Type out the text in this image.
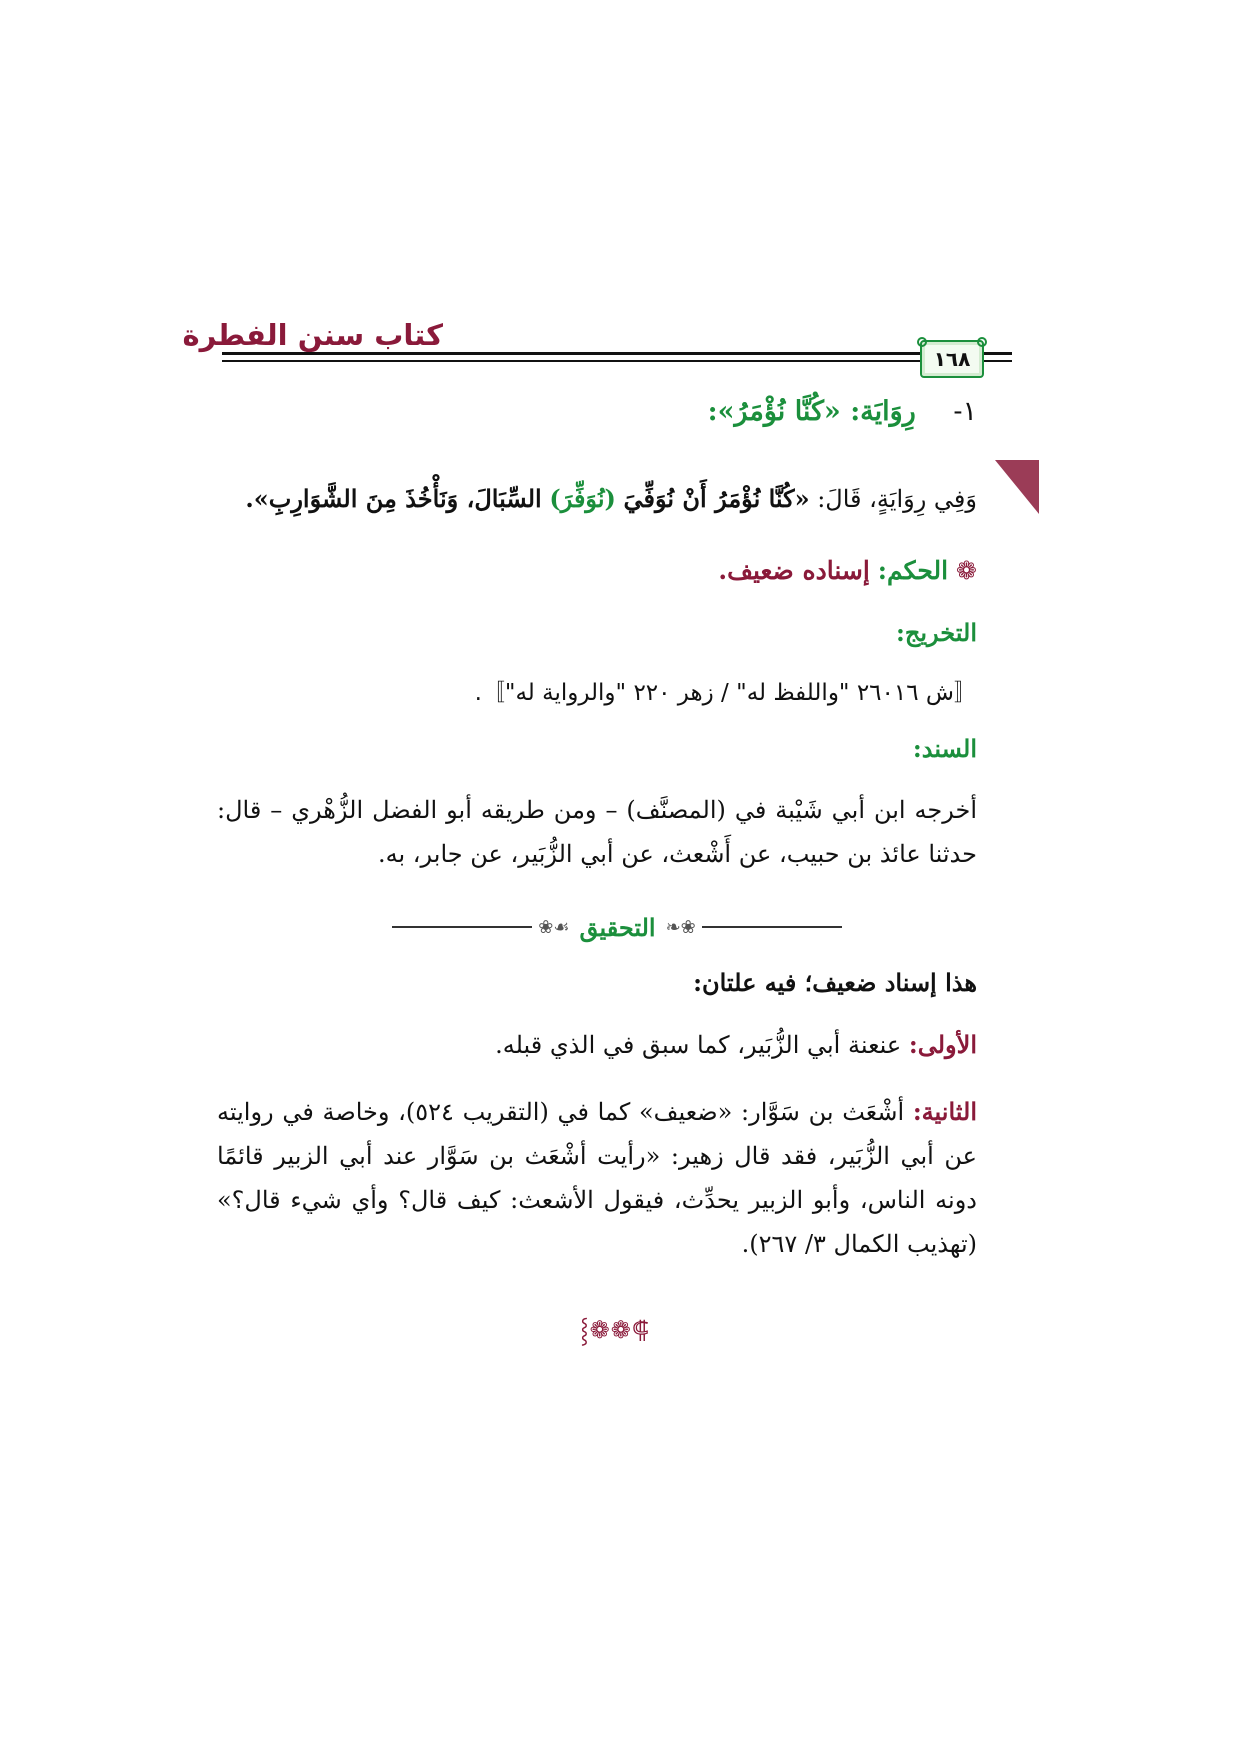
كتاب سنن الفطرة
١٦٨
١-    رِوَايَة: «كُنَّا نُؤْمَرُ»:
وَفِي رِوَايَةٍ، قَالَ: «كُنَّا نُؤْمَرُ أَنْ نُوَفِّيَ (نُوَفِّرَ) السِّبَالَ، وَنَأْخُذَ مِنَ الشَّوَارِبِ».
❁ الحكم: إسناده ضعيف.
التخريج:
〚ش ٢٦٠١٦ "واللفظ له" / زهر ٢٢٠ "والرواية له"〛.
السند:
أخرجه ابن أبي شَيْبة في (المصنَّف) – ومن طريقه أبو الفضل الزُّهْري – قال: حدثنا عائذ بن حبيب، عن أَشْعث، عن أبي الزُّبَير، عن جابر، به.
❀❧
التحقيق
☙❀
هذا إسناد ضعيف؛ فيه علتان:
الأولى: عنعنة أبي الزُّبَير، كما سبق في الذي قبله.
الثانية: أشْعَث بن سَوَّار: «ضعيف» كما في (التقريب ٥٢٤)، وخاصة في روايته عن أبي الزُّبَير، فقد قال زهير: «رأيت أشْعَث بن سَوَّار عند أبي الزبير قائمًا دونه الناس، وأبو الزبير يحدِّث، فيقول الأشعث: كيف قال؟ وأي شيء قال؟» (تهذيب الكمال ٣/ ٢٦٧).
⸿❁❁⸾
